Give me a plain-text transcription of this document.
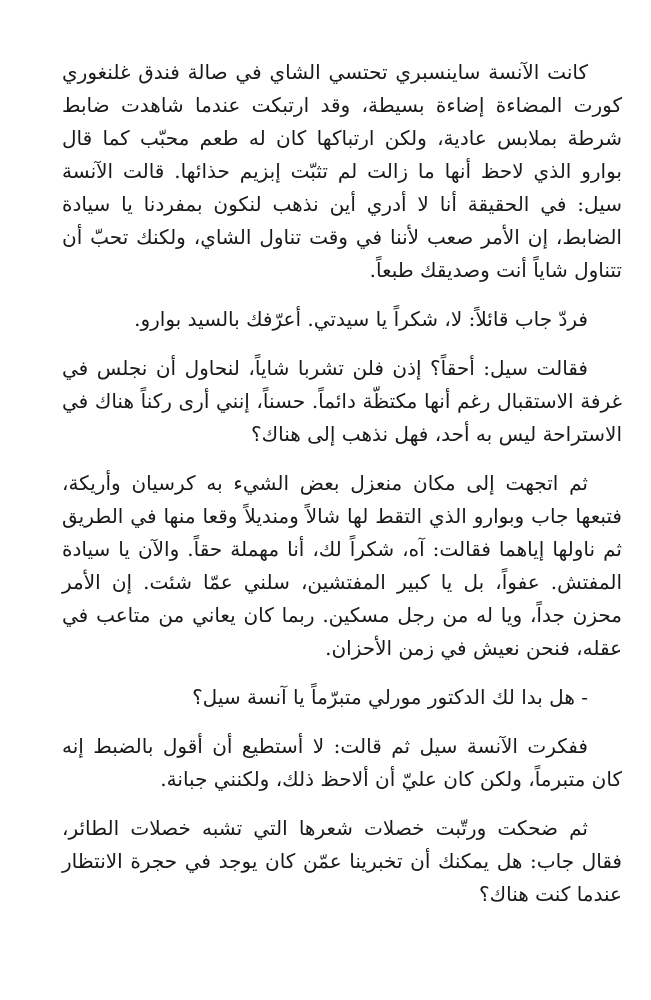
كانت الآنسة ساينسبري تحتسي الشاي في صالة فندق غلنغوري كورت المضاءة إضاءة بسيطة، وقد ارتبكت عندما شاهدت ضابط شرطة بملابس عادية، ولكن ارتباكها كان له طعم محبّب كما قال بوارو الذي لاحظ أنها ما زالت لم تثبّت إبزيم حذائها. قالت الآنسة سيل: في الحقيقة أنا لا أدري أين نذهب لنكون بمفردنا يا سيادة الضابط، إن الأمر صعب لأننا في وقت تناول الشاي، ولكنك تحبّ أن تتناول شاياً أنت وصديقك طبعاً.

فردّ جاب قائلاً: لا، شكراً يا سيدتي. أعرّفك بالسيد بوارو.

فقالت سيل: أحقاً؟ إذن فلن تشربا شاياً، لنحاول أن نجلس في غرفة الاستقبال رغم أنها مكتظّة دائماً. حسناً، إنني أرى ركناً هناك في الاستراحة ليس به أحد، فهل نذهب إلى هناك؟

ثم اتجهت إلى مكان منعزل بعض الشيء به كرسيان وأريكة، فتبعها جاب وبوارو الذي التقط لها شالاً ومنديلاً وقعا منها في الطريق ثم ناولها إياهما فقالت: آه، شكراً لك، أنا مهملة حقاً. والآن يا سيادة المفتش. عفواً، بل يا كبير المفتشين، سلني عمّا شئت. إن الأمر محزن جداً، ويا له من رجل مسكين. ربما كان يعاني من متاعب في عقله، فنحن نعيش في زمن الأحزان.

- هل بدا لك الدكتور مورلي متبرّماً يا آنسة سيل؟

ففكرت الآنسة سيل ثم قالت: لا أستطيع أن أقول بالضبط إنه كان متبرماً، ولكن كان عليّ أن ألاحظ ذلك، ولكنني جبانة.

ثم ضحكت ورتّبت خصلات شعرها التي تشبه خصلات الطائر، فقال جاب: هل يمكنك أن تخبرينا عمّن كان يوجد في حجرة الانتظار عندما كنت هناك؟
